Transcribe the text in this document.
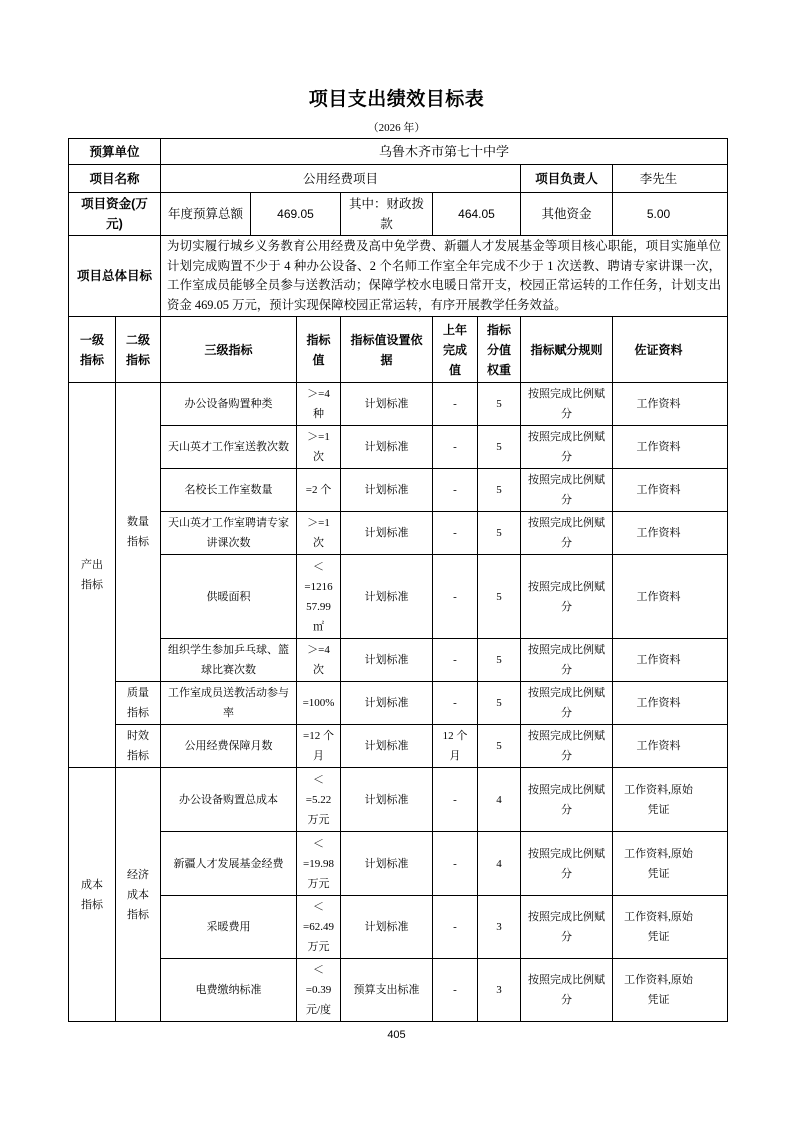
项目支出绩效目标表
（2026 年）
预算单位		乌鲁木齐市第七十中学							
项目名称		公用经费项目						项目负责人	李先生
项目资金(万元)		年度预算总额	469.05		其中：财政拨款	464.05		其他资金	5.00
项目总体目标		为切实履行城乡义务教育公用经费及高中免学费、新疆人才发展基金等项目核心职能，项目实施单位计划完成购置不少于 4 种办公设备、2 个名师工作室全年完成不少于 1 次送教、聘请专家讲课一次，工作室成员能够全员参与送教活动；保障学校水电暖日常开支，校园正常运转的工作任务，计划支出资金 469.05 万元，预计实现保障校园正常运转，有序开展教学任务效益。							
一级指标	二级指标	三级指标		指标值	指标值设置依据	上年完成值	指标分值权重	指标赋分规则	佐证资料
产出指标	数量指标	办公设备购置种类		＞=4 种	计划标准	-	5	按照完成比例赋分	工作资料
		天山英才工作室送教次数		＞=1 次	计划标准	-	5	按照完成比例赋分	工作资料
		名校长工作室数量		=2 个	计划标准	-	5	按照完成比例赋分	工作资料
		天山英才工作室聘请专家讲课次数		＞=1 次	计划标准	-	5	按照完成比例赋分	工作资料
		供暖面积		＜=121657.99㎡	计划标准	-	5	按照完成比例赋分	工作资料
		组织学生参加乒乓球、篮球比赛次数		＞=4 次	计划标准	-	5	按照完成比例赋分	工作资料
	质量指标	工作室成员送教活动参与率		=100%	计划标准	-	5	按照完成比例赋分	工作资料
	时效指标	公用经费保障月数		=12 个月	计划标准	12 个月	5	按照完成比例赋分	工作资料
成本指标	经济成本指标	办公设备购置总成本		＜=5.22 万元	计划标准	-	4	按照完成比例赋分	工作资料,原始凭证
		新疆人才发展基金经费		＜=19.98 万元	计划标准	-	4	按照完成比例赋分	工作资料,原始凭证
		采暖费用		＜=62.49 万元	计划标准	-	3	按照完成比例赋分	工作资料,原始凭证
		电费缴纳标准		＜=0.39 元/度	预算支出标准	-	3	按照完成比例赋分	工作资料,原始凭证
405
